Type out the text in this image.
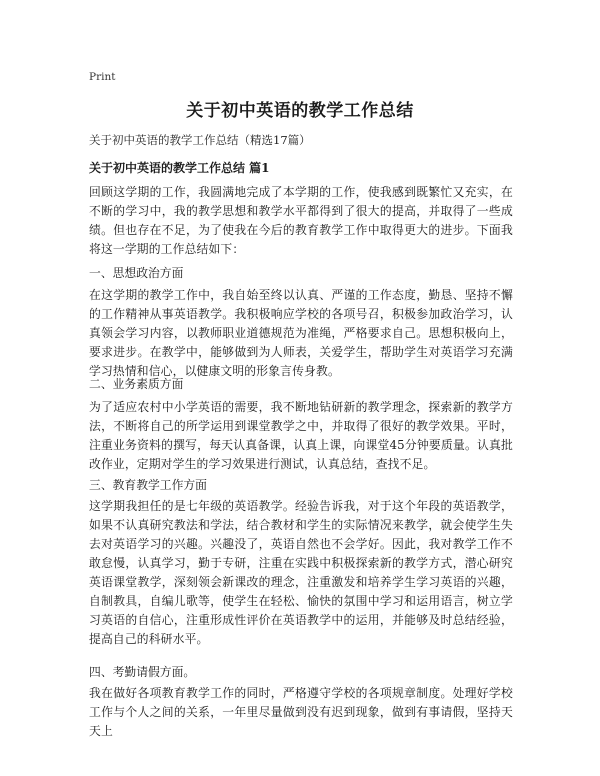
Print
关于初中英语的教学工作总结

关于初中英语的教学工作总结（精选17篇）

关于初中英语的教学工作总结 篇1

回顾这学期的工作，我圆满地完成了本学期的工作，使我感到既繁忙又充实，在不断的学习中，我的教学思想和教学水平都得到了很大的提高，并取得了一些成绩。但也存在不足，为了使我在今后的教育教学工作中取得更大的进步。下面我将这一学期的工作总结如下：

一、思想政治方面

在这学期的教学工作中，我自始至终以认真、严谨的工作态度，勤恳、坚持不懈的工作精神从事英语教学。我积极响应学校的各项号召，积极参加政治学习，认真领会学习内容，以教师职业道德规范为准绳，严格要求自己。思想积极向上，要求进步。在教学中，能够做到为人师表，关爱学生，帮助学生对英语学习充满学习热情和信心，以健康文明的形象言传身教。

二、业务素质方面

为了适应农村中小学英语的需要，我不断地钻研新的教学理念，探索新的教学方法，不断将自己的所学运用到课堂教学之中，并取得了很好的教学效果。平时，注重业务资料的撰写，每天认真备课，认真上课，向课堂45分钟要质量。认真批改作业，定期对学生的学习效果进行测试，认真总结，查找不足。

三、教育教学工作方面

这学期我担任的是七年级的英语教学。经验告诉我，对于这个年段的英语教学，如果不认真研究教法和学法，结合教材和学生的实际情况来教学，就会使学生失去对英语学习的兴趣。兴趣没了，英语自然也不会学好。因此，我对教学工作不敢怠慢，认真学习，勤于专研，注重在实践中积极探索新的教学方式，潜心研究英语课堂教学，深刻领会新课改的理念，注重激发和培养学生学习英语的兴趣，自制教具，自编儿歌等，使学生在轻松、愉快的氛围中学习和运用语言，树立学习英语的自信心，注重形成性评价在英语教学中的运用，并能够及时总结经验，提高自己的科研水平。

四、考勤请假方面。

我在做好各项教育教学工作的同时，严格遵守学校的各项规章制度。处理好学校工作与个人之间的关系，一年里尽量做到没有迟到现象，做到有事请假，坚持天天上
